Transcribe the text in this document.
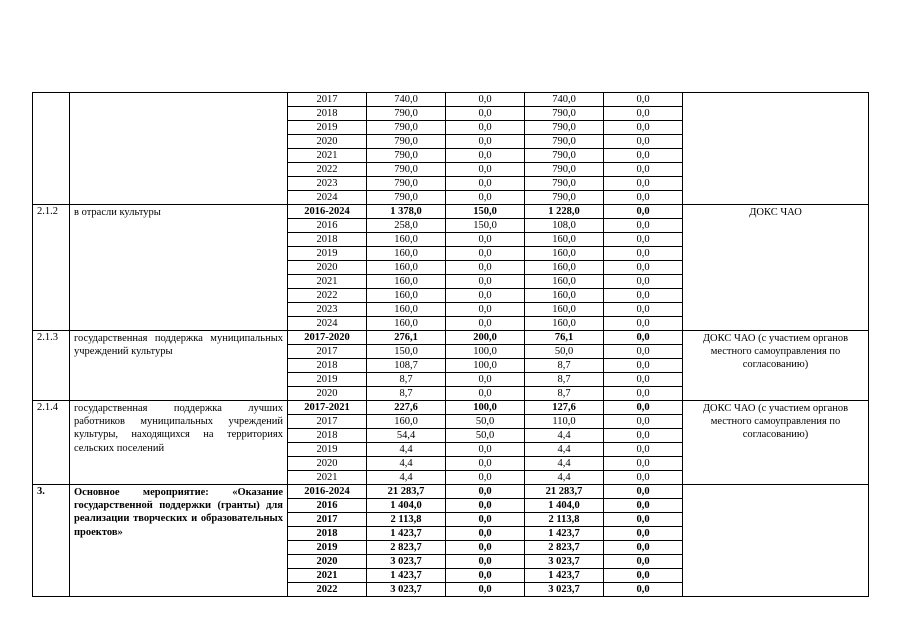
		2017	740,0	0,0	740,0	0,0	
		2018	790,0	0,0	790,0	0,0	
		2019	790,0	0,0	790,0	0,0	
		2020	790,0	0,0	790,0	0,0	
		2021	790,0	0,0	790,0	0,0	
		2022	790,0	0,0	790,0	0,0	
		2023	790,0	0,0	790,0	0,0	
		2024	790,0	0,0	790,0	0,0	
2.1.2	в отрасли культуры	2016-2024	1 378,0	150,0	1 228,0	0,0	ДОКС ЧАО
		2016	258,0	150,0	108,0	0,0	
		2018	160,0	0,0	160,0	0,0	
		2019	160,0	0,0	160,0	0,0	
		2020	160,0	0,0	160,0	0,0	
		2021	160,0	0,0	160,0	0,0	
		2022	160,0	0,0	160,0	0,0	
		2023	160,0	0,0	160,0	0,0	
		2024	160,0	0,0	160,0	0,0	
2.1.3	государственная поддержка муниципальных учреждений культуры	2017-2020	276,1	200,0	76,1	0,0	ДОКС ЧАО (с участием органов местного самоуправления по согласованию)
		2017	150,0	100,0	50,0	0,0	
		2018	108,7	100,0	8,7	0,0	
		2019	8,7	0,0	8,7	0,0	
		2020	8,7	0,0	8,7	0,0	
2.1.4	государственная поддержка лучших работников муниципальных учреждений культуры, находящихся на территориях сельских поселений	2017-2021	227,6	100,0	127,6	0,0	ДОКС ЧАО (с участием органов местного самоуправления по согласованию)
		2017	160,0	50,0	110,0	0,0	
		2018	54,4	50,0	4,4	0,0	
		2019	4,4	0,0	4,4	0,0	
		2020	4,4	0,0	4,4	0,0	
		2021	4,4	0,0	4,4	0,0	
3.	Основное мероприятие: «Оказание государственной поддержки (гранты) для реализации творческих и образовательных проектов»	2016-2024	21 283,7	0,0	21 283,7	0,0	
		2016	1 404,0	0,0	1 404,0	0,0	
		2017	2 113,8	0,0	2 113,8	0,0	
		2018	1 423,7	0,0	1 423,7	0,0	
		2019	2 823,7	0,0	2 823,7	0,0	
		2020	3 023,7	0,0	3 023,7	0,0	
		2021	1 423,7	0,0	1 423,7	0,0	
		2022	3 023,7	0,0	3 023,7	0,0	
